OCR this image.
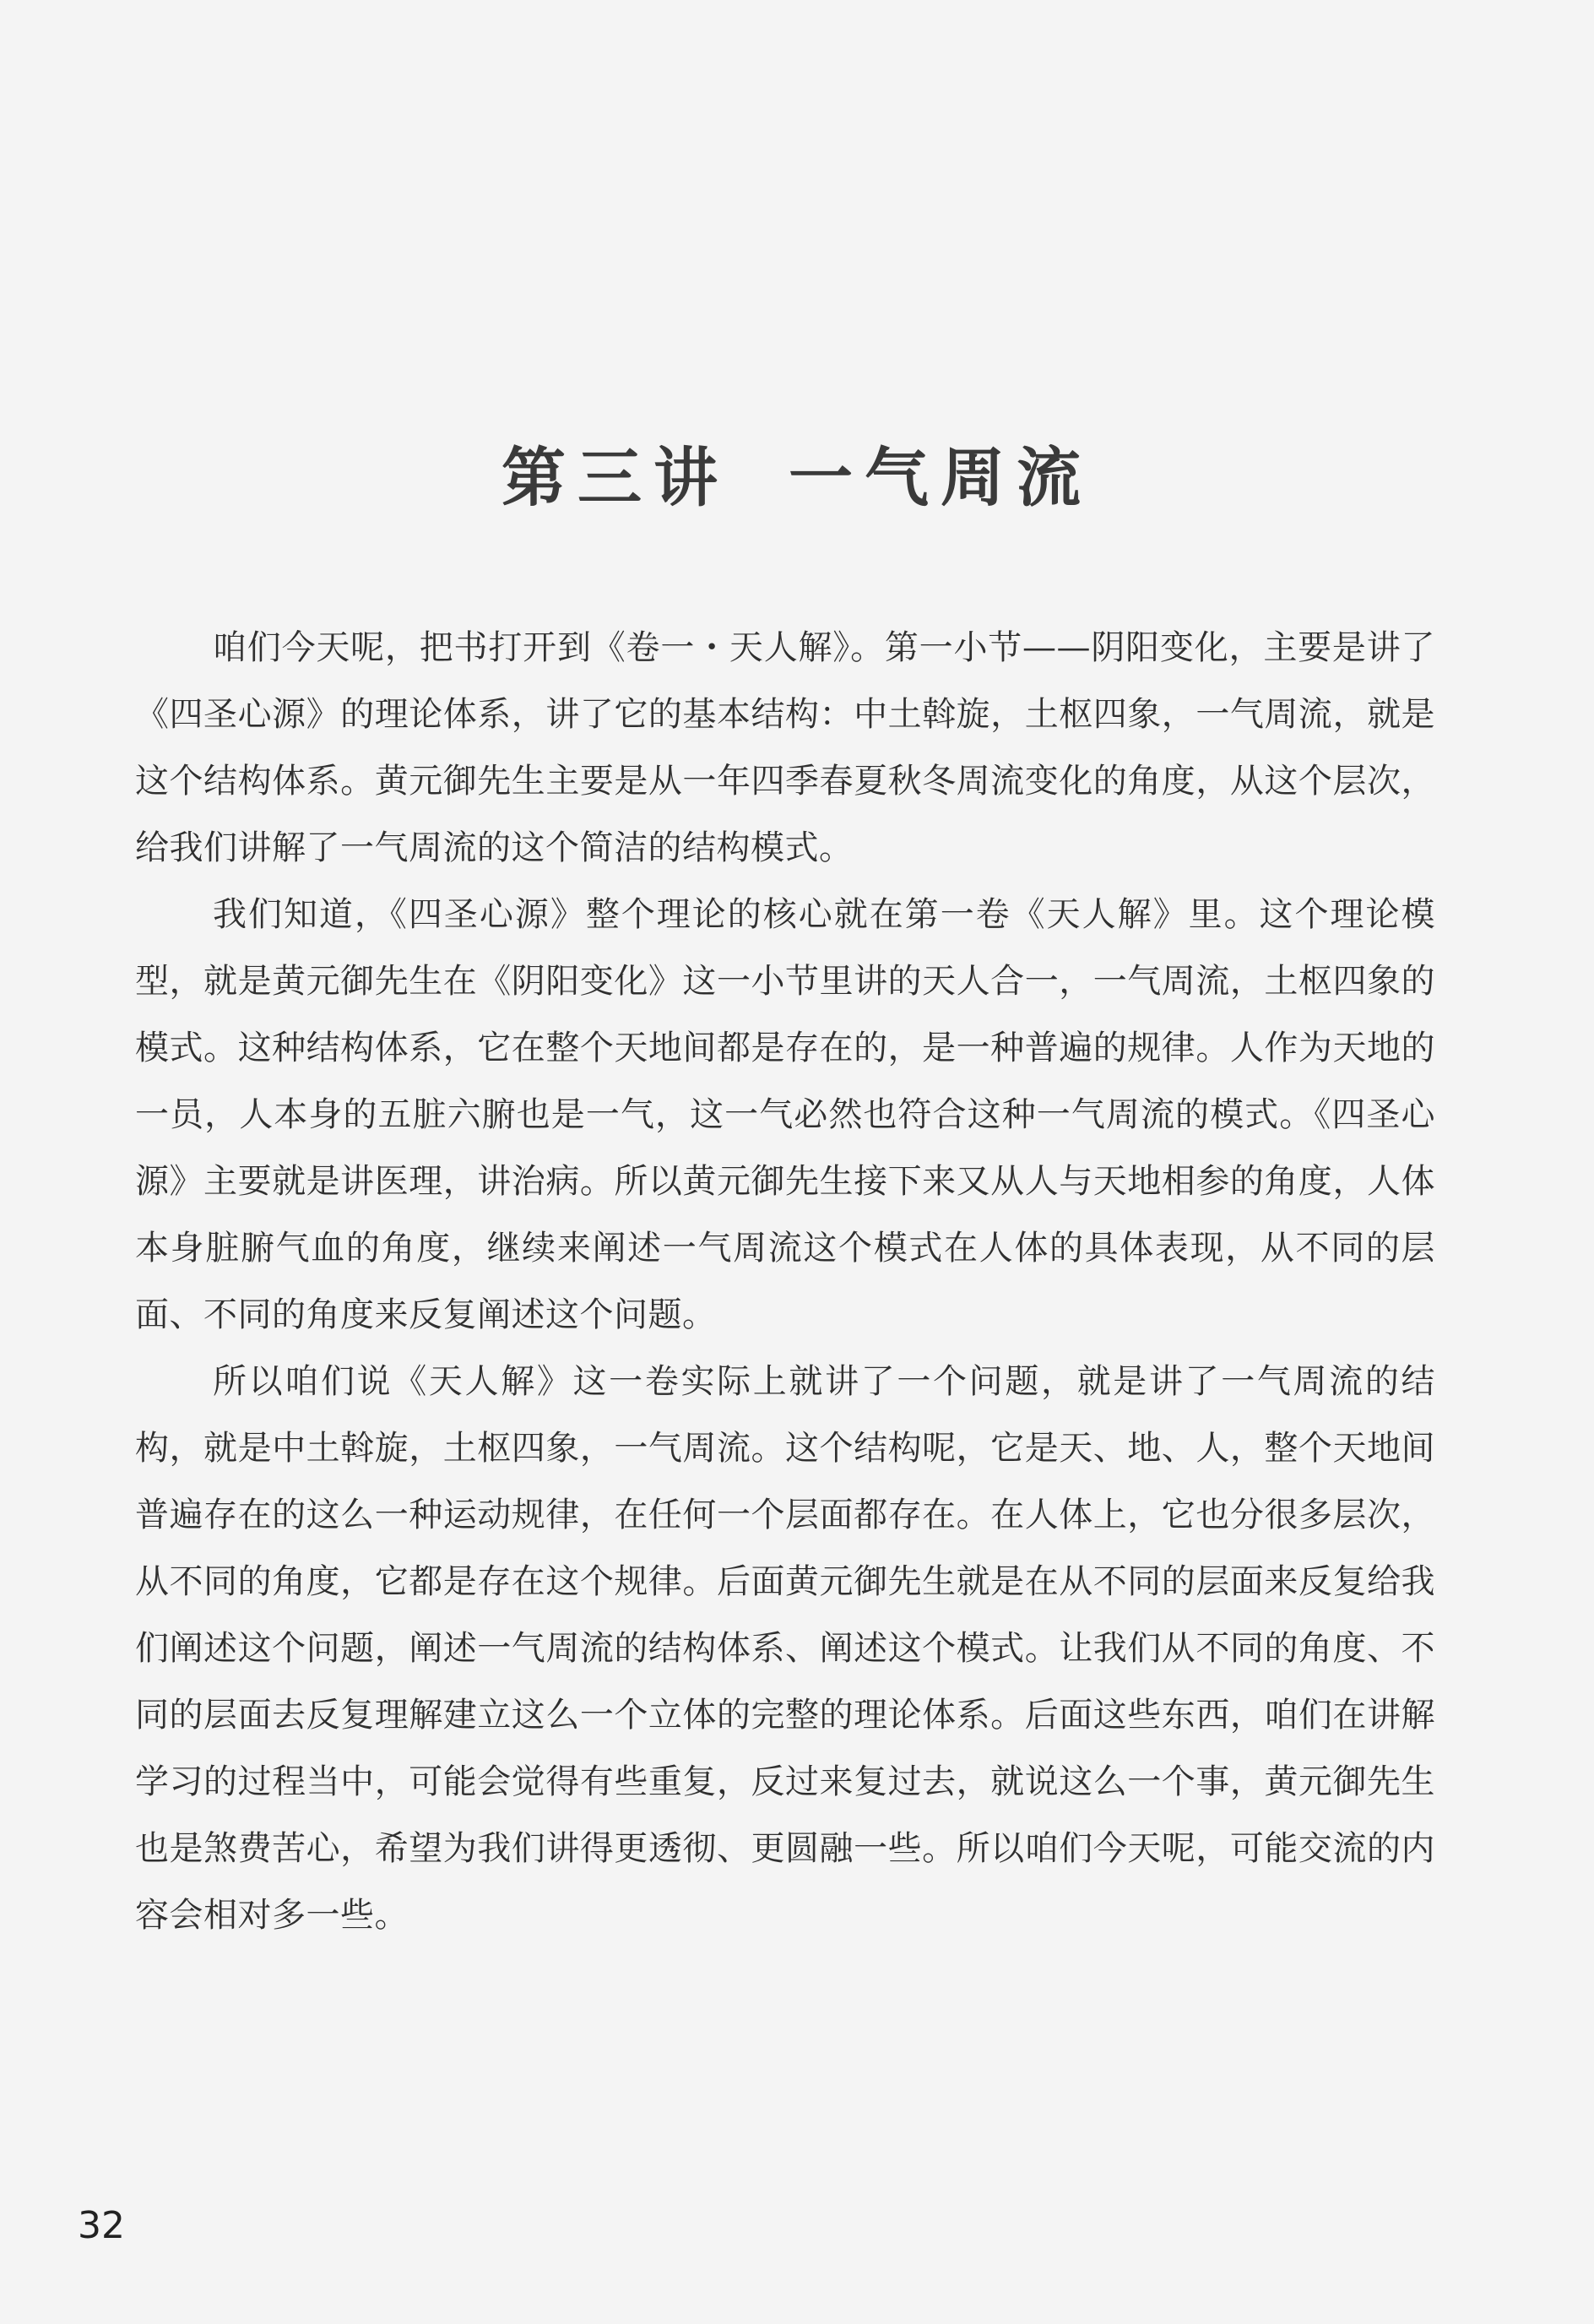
第三讲 一气周流

咱们今天呢，把书打开到《卷一・天人解》。第一小节——阴阳变化，主要是讲了《四圣心源》的理论体系，讲了它的基本结构：中土斡旋，土枢四象，一气周流，就是这个结构体系。黄元御先生主要是从一年四季春夏秋冬周流变化的角度，从这个层次，给我们讲解了一气周流的这个简洁的结构模式。

我们知道，《四圣心源》整个理论的核心就在第一卷《天人解》里。这个理论模型，就是黄元御先生在《阴阳变化》这一小节里讲的天人合一，一气周流，土枢四象的模式。这种结构体系，它在整个天地间都是存在的，是一种普遍的规律。人作为天地的一员，人本身的五脏六腑也是一气，这一气必然也符合这种一气周流的模式。《四圣心源》主要就是讲医理，讲治病。所以黄元御先生接下来又从人与天地相参的角度，人体本身脏腑气血的角度，继续来阐述一气周流这个模式在人体的具体表现，从不同的层面、不同的角度来反复阐述这个问题。

所以咱们说《天人解》这一卷实际上就讲了一个问题，就是讲了一气周流的结构，就是中土斡旋，土枢四象，一气周流。这个结构呢，它是天、地、人，整个天地间普遍存在的这么一种运动规律，在任何一个层面都存在。在人体上，它也分很多层次，从不同的角度，它都是存在这个规律。后面黄元御先生就是在从不同的层面来反复给我们阐述这个问题，阐述一气周流的结构体系、阐述这个模式。让我们从不同的角度、不同的层面去反复理解建立这么一个立体的完整的理论体系。后面这些东西，咱们在讲解学习的过程当中，可能会觉得有些重复，反过来复过去，就说这么一个事，黄元御先生也是煞费苦心，希望为我们讲得更透彻、更圆融一些。所以咱们今天呢，可能交流的内容会相对多一些。

32
